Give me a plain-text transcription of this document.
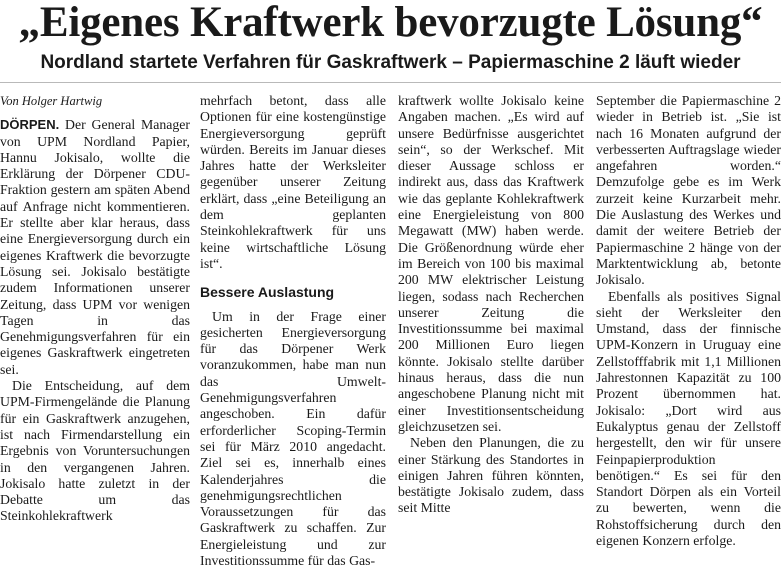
„Eigenes Kraftwerk bevorzugte Lösung“
Nordland startete Verfahren für Gaskraftwerk – Papiermaschine 2 läuft wieder

Von Holger Hartwig

DÖRPEN. Der General Manager von UPM Nordland Papier, Hannu Jokisalo, wollte die Erklärung der Dörpener CDU-Fraktion gestern am späten Abend auf Anfrage nicht kommentieren. Er stellte aber klar heraus, dass eine Energieversorgung durch ein eigenes Kraftwerk die bevorzugte Lösung sei. Jokisalo bestätigte zudem Informationen unserer Zeitung, dass UPM vor wenigen Tagen in das Genehmigungsverfahren für ein eigenes Gaskraftwerk eingetreten sei.

Die Entscheidung, auf dem UPM-Firmengelände die Planung für ein Gaskraftwerk anzugehen, ist nach Firmendarstellung ein Ergebnis von Voruntersuchungen in den vergangenen Jahren. Jokisalo hatte zuletzt in der Debatte um das Steinkohlekraftwerk

mehrfach betont, dass alle Optionen für eine kostengünstige Energieversorgung geprüft würden. Bereits im Januar dieses Jahres hatte der Werksleiter gegenüber unserer Zeitung erklärt, dass „eine Beteiligung an dem geplanten Steinkohlekraftwerk für uns keine wirtschaftliche Lösung ist“.

Bessere Auslastung

Um in der Frage einer gesicherten Energieversorgung für das Dörpener Werk voranzukommen, habe man nun das Umwelt-Genehmigungsverfahren angeschoben. Ein dafür erforderlicher Scoping-Termin sei für März 2010 angedacht. Ziel sei es, innerhalb eines Kalenderjahres die genehmigungsrechtlichen Voraussetzungen für das Gaskraftwerk zu schaffen. Zur Energieleistung und zur Investitionssumme für das Gas-

kraftwerk wollte Jokisalo keine Angaben machen. „Es wird auf unsere Bedürfnisse ausgerichtet sein“, so der Werkschef. Mit dieser Aussage schloss er indirekt aus, dass das Kraftwerk wie das geplante Kohlekraftwerk eine Energieleistung von 800 Megawatt (MW) haben werde. Die Größenordnung würde eher im Bereich von 100 bis maximal 200 MW elektrischer Leistung liegen, sodass nach Recherchen unserer Zeitung die Investitionssumme bei maximal 200 Millionen Euro liegen könnte. Jokisalo stellte darüber hinaus heraus, dass die nun angeschobene Planung nicht mit einer Investitionsentscheidung gleichzusetzen sei.

Neben den Planungen, die zu einer Stärkung des Standortes in einigen Jahren führen könnten, bestätigte Jokisalo zudem, dass seit Mitte

September die Papiermaschine 2 wieder in Betrieb ist. „Sie ist nach 16 Monaten aufgrund der verbesserten Auftragslage wieder angefahren worden.“ Demzufolge gebe es im Werk zurzeit keine Kurzarbeit mehr. Die Auslastung des Werkes und damit der weitere Betrieb der Papiermaschine 2 hänge von der Marktentwicklung ab, betonte Jokisalo.

Ebenfalls als positives Signal sieht der Werksleiter den Umstand, dass der finnische UPM-Konzern in Uruguay eine Zellstofffabrik mit 1,1 Millionen Jahrestonnen Kapazität zu 100 Prozent übernommen hat. Jokisalo: „Dort wird aus Eukalyptus genau der Zellstoff hergestellt, den wir für unsere Feinpapierproduktion benötigen.“ Es sei für den Standort Dörpen als ein Vorteil zu bewerten, wenn die Rohstoffsicherung durch den eigenen Konzern erfolge.
